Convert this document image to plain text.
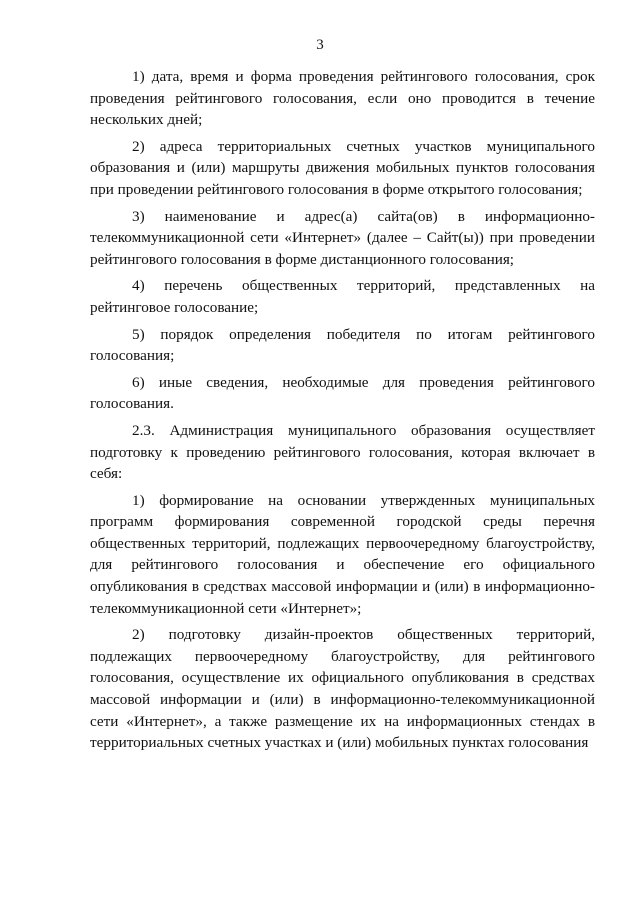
3

1) дата, время и форма проведения рейтингового голосования, срок проведения рейтингового голосования, если оно проводится в течение нескольких дней;

2) адреса территориальных счетных участков муниципального образования и (или) маршруты движения мобильных пунктов голосования при проведении рейтингового голосования в форме открытого голосования;

3) наименование и адрес(а) сайта(ов) в информационно-телекоммуникационной сети «Интернет» (далее – Сайт(ы)) при проведении рейтингового голосования в форме дистанционного голосования;

4) перечень общественных территорий, представленных на рейтинговое голосование;

5) порядок определения победителя по итогам рейтингового голосования;

6) иные сведения, необходимые для проведения рейтингового голосования.

2.3. Администрация муниципального образования осуществляет подготовку к проведению рейтингового голосования, которая включает в себя:

1) формирование на основании утвержденных муниципальных программ формирования современной городской среды перечня общественных территорий, подлежащих первоочередному благоустройству, для рейтингового голосования и обеспечение его официального опубликования в средствах массовой информации и (или) в информационно-телекоммуникационной сети «Интернет»;

2) подготовку дизайн-проектов общественных территорий, подлежащих первоочередному благоустройству, для рейтингового голосования, осуществление их официального опубликования в средствах массовой информации и (или) в информационно-телекоммуникационной сети «Интернет», а также размещение их на информационных стендах в территориальных счетных участках и (или) мобильных пунктах голосования
